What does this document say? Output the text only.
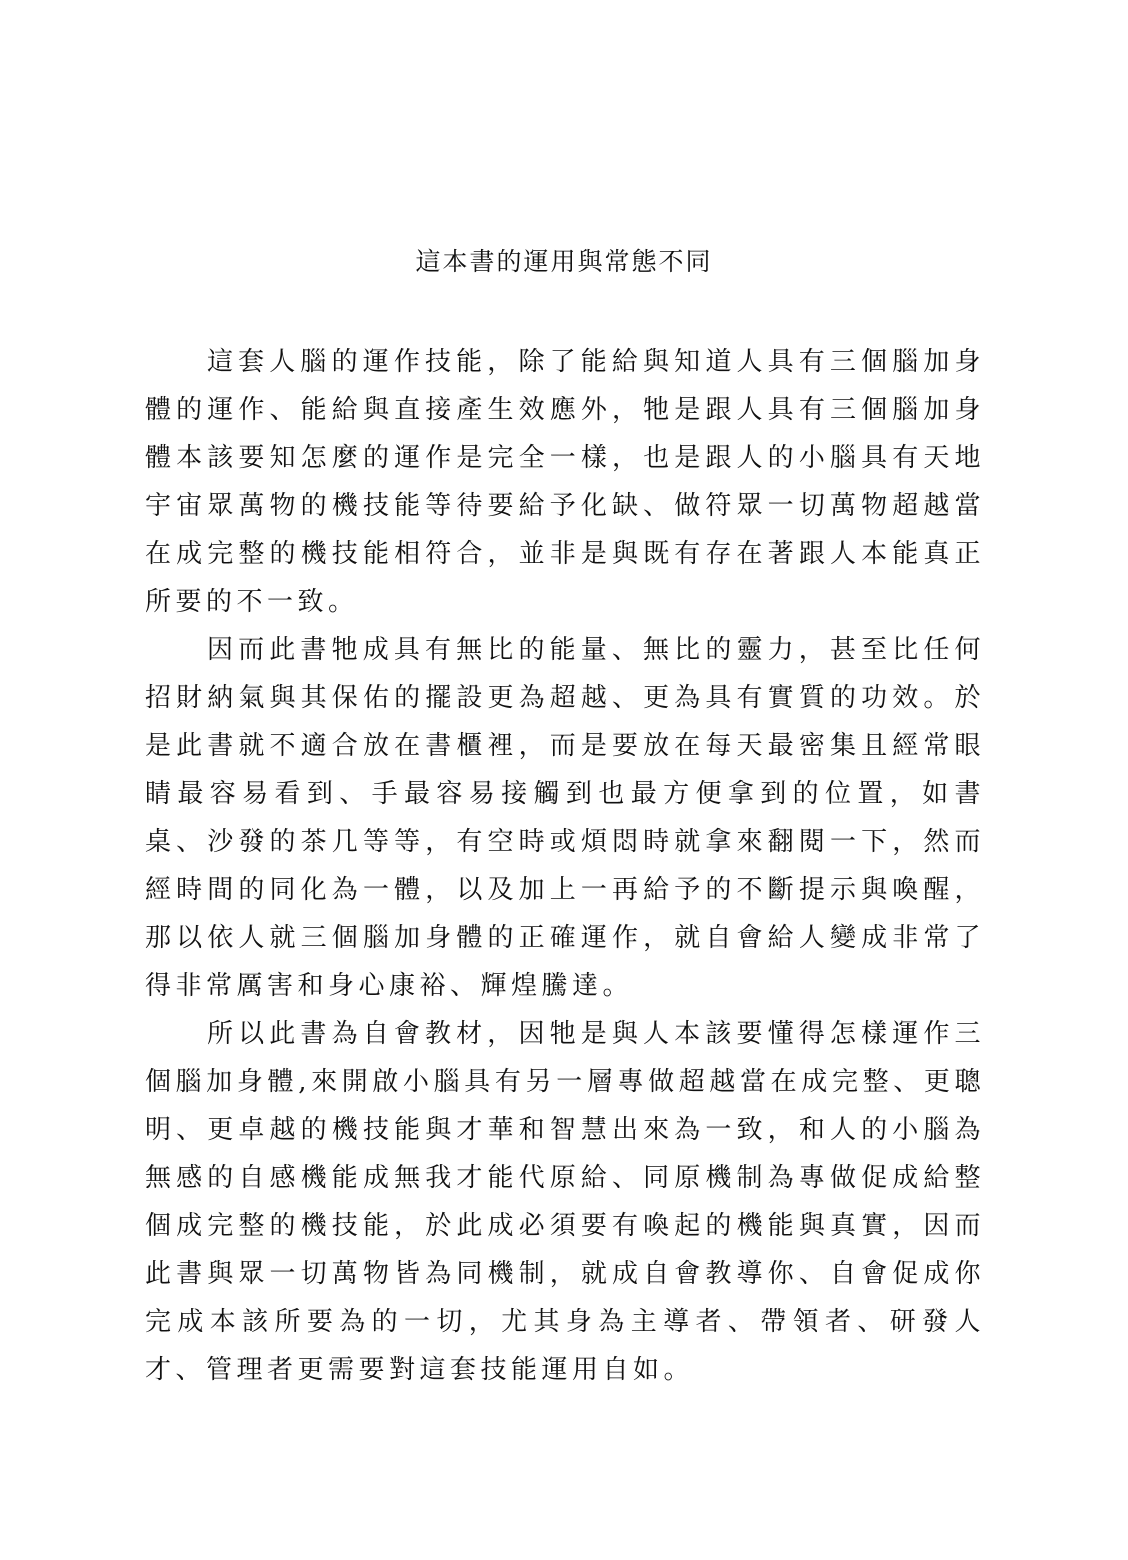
這本書的運用與常態不同

這套人腦的運作技能，除了能給與知道人具有三個腦加身體的運作、能給與直接產生效應外，牠是跟人具有三個腦加身體本該要知怎麼的運作是完全一樣，也是跟人的小腦具有天地宇宙眾萬物的機技能等待要給予化缺、做符眾一切萬物超越當在成完整的機技能相符合，並非是與既有存在著跟人本能真正所要的不一致。

因而此書牠成具有無比的能量、無比的靈力，甚至比任何招財納氣與其保佑的擺設更為超越、更為具有實質的功效。於是此書就不適合放在書櫃裡，而是要放在每天最密集且經常眼睛最容易看到、手最容易接觸到也最方便拿到的位置，如書桌、沙發的茶几等等，有空時或煩悶時就拿來翻閱一下，然而經時間的同化為一體，以及加上一再給予的不斷提示與喚醒，那以依人就三個腦加身體的正確運作，就自會給人變成非常了得非常厲害和身心康裕、輝煌騰達。

所以此書為自會教材，因牠是與人本該要懂得怎樣運作三個腦加身體,來開啟小腦具有另一層專做超越當在成完整、更聰明、更卓越的機技能與才華和智慧出來為一致，和人的小腦為無感的自感機能成無我才能代原給、同原機制為專做促成給整個成完整的機技能，於此成必須要有喚起的機能與真實，因而此書與眾一切萬物皆為同機制，就成自會教導你、自會促成你完成本該所要為的一切，尤其身為主導者、帶領者、研發人才、管理者更需要對這套技能運用自如。
